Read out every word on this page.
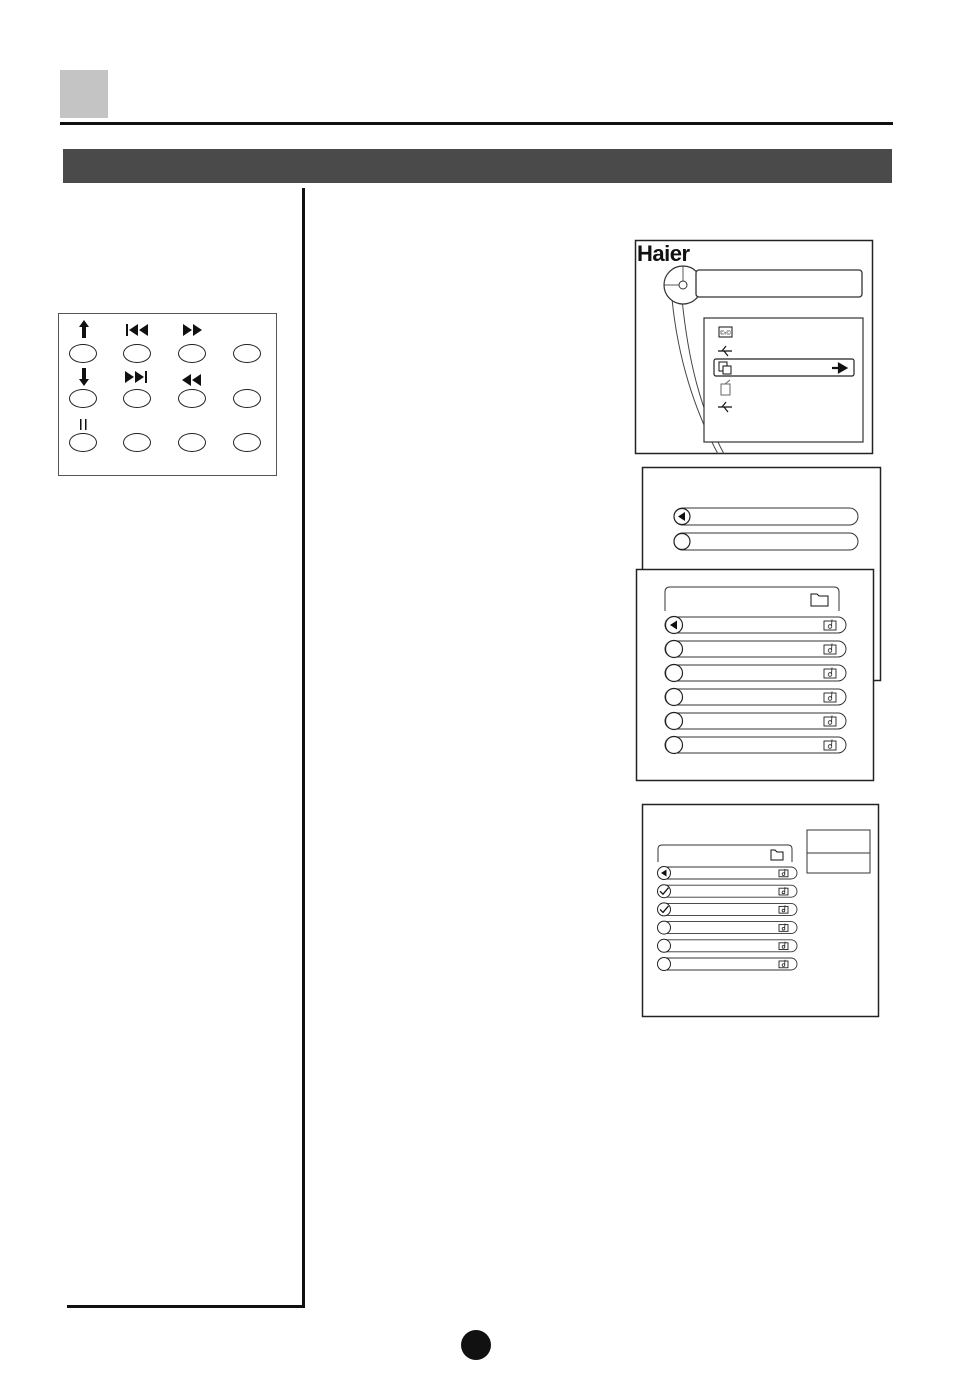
Haier
©‹©
